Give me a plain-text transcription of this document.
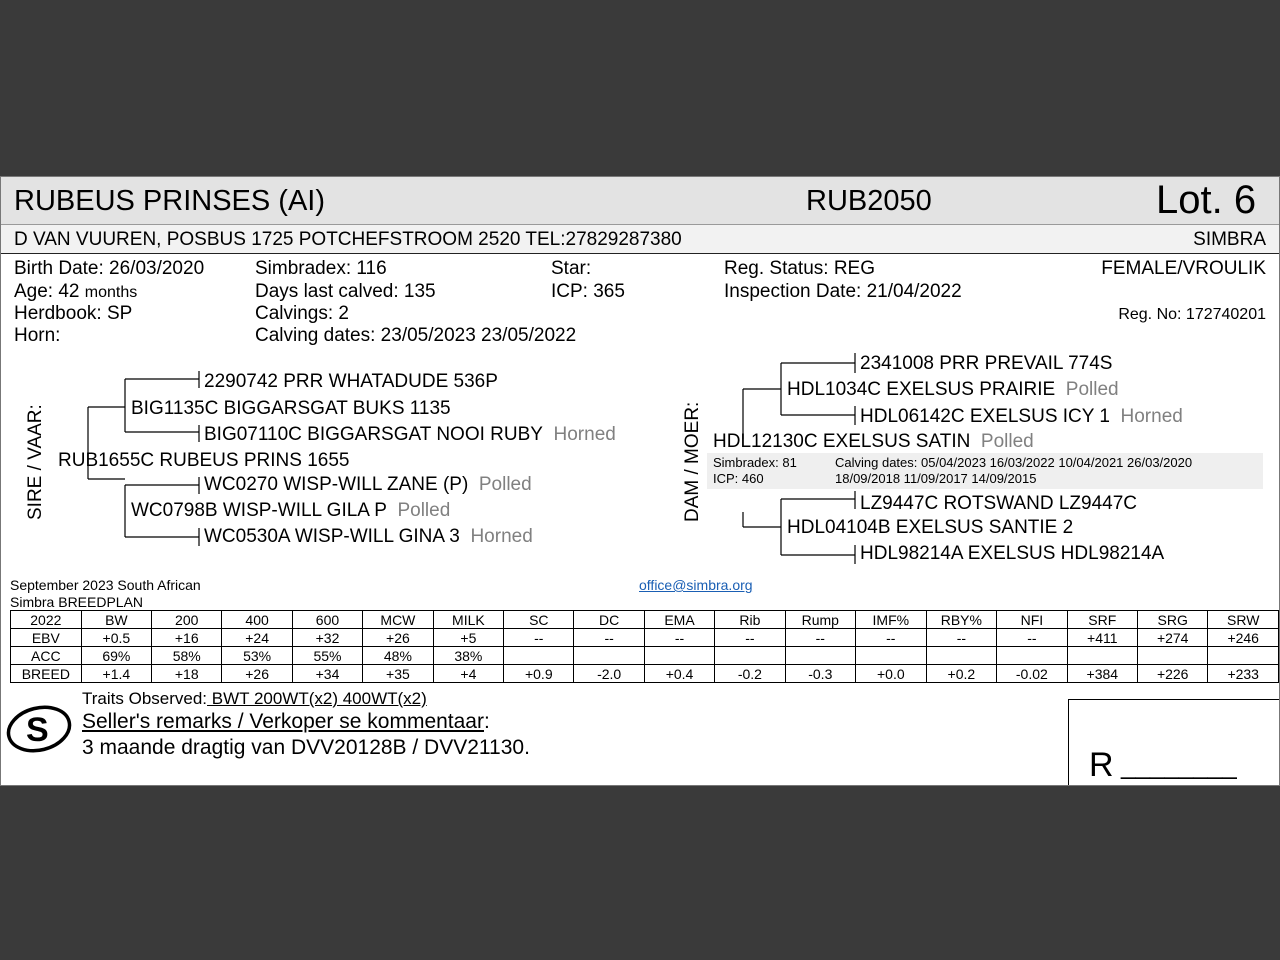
RUBEUS PRINSES (AI)	RUB2050	Lot. 6
D VAN VUUREN, POSBUS 1725 POTCHEFSTROOM 2520 TEL:27829287380	SIMBRA
Birth Date: 26/03/2020
Age: 42 months
Herdbook: SP
Horn:
Simbradex: 116
Days last calved: 135
Calvings: 2
Calving dates: 23/05/2023 23/05/2022
Star:
ICP: 365
Reg. Status: REG
Inspection Date: 21/04/2022
FEMALE/VROULIK
Reg. No: 172740201
SIRE / VAAR:
2290742 PRR WHATADUDE 536P
BIG1135C BIGGARSGAT BUKS 1135
BIG07110C BIGGARSGAT NOOI RUBY Horned
RUB1655C RUBEUS PRINS 1655
WC0270 WISP-WILL ZANE (P) Polled
WC0798B WISP-WILL GILA P Polled
WC0530A WISP-WILL GINA 3 Horned
DAM / MOER:
2341008 PRR PREVAIL 774S
HDL1034C EXELSUS PRAIRIE Polled
HDL06142C EXELSUS ICY 1 Horned
HDL12130C EXELSUS SATIN Polled
LZ9447C ROTSWAND LZ9447C
HDL04104B EXELSUS SANTIE 2
HDL98214A EXELSUS HDL98214A
Simbradex: 81
ICP: 460
Calving dates: 05/04/2023 16/03/2022 10/04/2021 26/03/2020
18/09/2018 11/09/2017 14/09/2015
September 2023 South African
Simbra BREEDPLAN
office@simbra.org
2022	BW	200	400	600	MCW	MILK	SC	DC	EMA	Rib	Rump	IMF%	RBY%	NFI	SRF	SRG	SRW
EBV	+0.5	+16	+24	+32	+26	+5	--	--	--	--	--	--	--	--	+411	+274	+246
ACC	69%	58%	53%	55%	48%	38%											
BREED	+1.4	+18	+26	+34	+35	+4	+0.9	-2.0	+0.4	-0.2	-0.3	+0.0	+0.2	-0.02	+384	+226	+233
S
Traits Observed: BWT 200WT(x2) 400WT(x2)
Seller's remarks / Verkoper se kommentaar:
3 maande dragtig van DVV20128B / DVV21130.	R ________
